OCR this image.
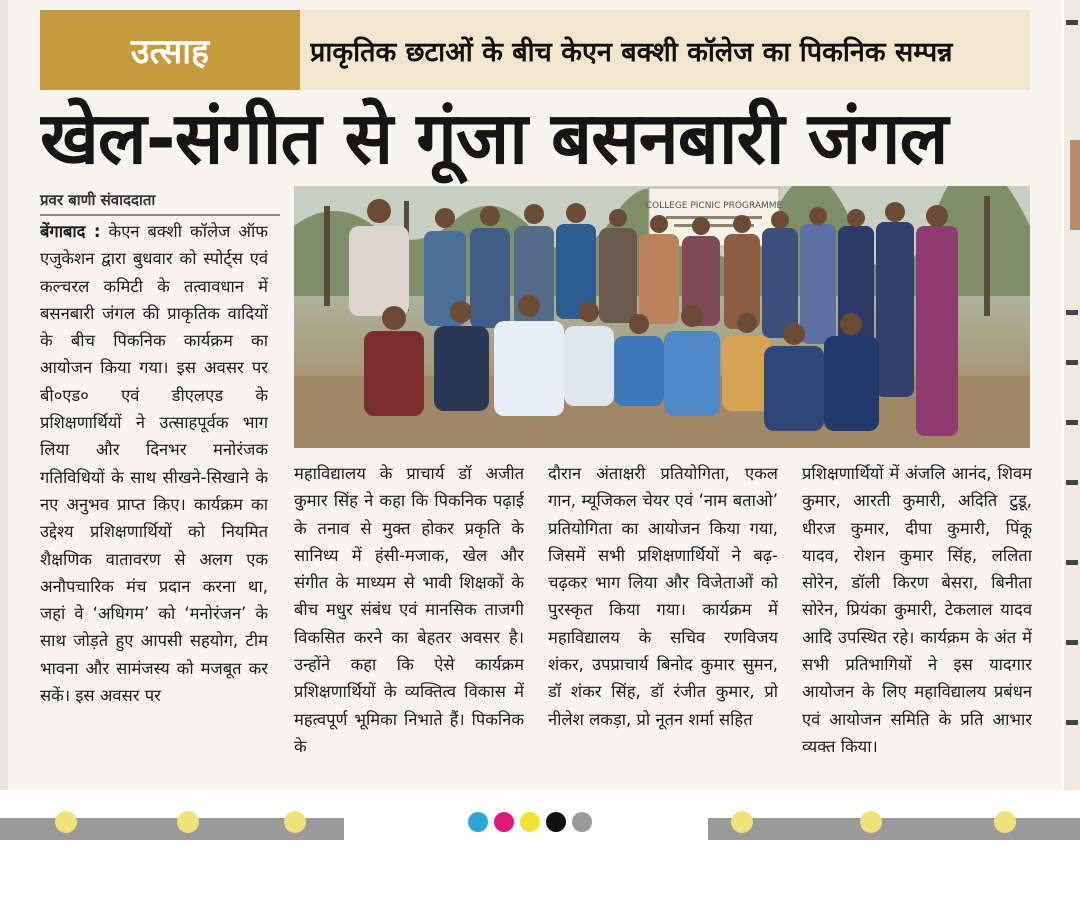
उत्साह	प्राकृतिक छटाओं के बीच केएन बक्शी कॉलेज का पिकनिक सम्पन्न
खेल-संगीत से गूंजा बसनबारी जंगल
प्रवर बाणी संवाददाता
बेंगाबाद : केएन बक्शी कॉलेज ऑफ एजुकेशन द्वारा बुधवार को स्पोर्ट्स एवं कल्चरल कमिटी के तत्वावधान में बसनबारी जंगल की प्राकृतिक वादियों के बीच पिकनिक कार्यक्रम का आयोजन किया गया। इस अवसर पर बी०एड० एवं डीएलएड के प्रशिक्षणार्थियों ने उत्साहपूर्वक भाग लिया और दिनभर मनोरंजक गतिविधियों के साथ सीखने-सिखाने के नए अनुभव प्राप्त किए। कार्यक्रम का उद्देश्य प्रशिक्षणार्थियों को नियमित शैक्षणिक वातावरण से अलग एक अनौपचारिक मंच प्रदान करना था, जहां वे ‘अधिगम’ को ‘मनोरंजन’ के साथ जोड़ते हुए आपसी सहयोग, टीम भावना और सामंजस्य को मजबूत कर सकें। इस अवसर पर
COLLEGE PICNIC PROGRAMME
महाविद्यालय के प्राचार्य डॉ अजीत कुमार सिंह ने कहा कि पिकनिक पढ़ाई के तनाव से मुक्त होकर प्रकृति के सानिध्य में हंसी-मजाक, खेल और संगीत के माध्यम से भावी शिक्षकों के बीच मधुर संबंध एवं मानसिक ताजगी विकसित करने का बेहतर अवसर है। उन्होंने कहा कि ऐसे कार्यक्रम प्रशिक्षणार्थियों के व्यक्तित्व विकास में महत्वपूर्ण भूमिका निभाते हैं। पिकनिक के
दौरान अंताक्षरी प्रतियोगिता, एकल गान, म्यूजिकल चेयर एवं ‘नाम बताओ’ प्रतियोगिता का आयोजन किया गया, जिसमें सभी प्रशिक्षणार्थियों ने बढ़-चढ़कर भाग लिया और विजेताओं को पुरस्कृत किया गया। कार्यक्रम में महाविद्यालय के सचिव रणविजय शंकर, उपप्राचार्य बिनोद कुमार सुमन, डॉ शंकर सिंह, डॉ रंजीत कुमार, प्रो नीलेश लकड़ा, प्रो नूतन शर्मा सहित
प्रशिक्षणार्थियों में अंजलि आनंद, शिवम कुमार, आरती कुमारी, अदिति टुडू, धीरज कुमार, दीपा कुमारी, पिंकू यादव, रोशन कुमार सिंह, ललिता सोरेन, डॉली किरण बेसरा, बिनीता सोरेन, प्रियंका कुमारी, टेकलाल यादव आदि उपस्थित रहे। कार्यक्रम के अंत में सभी प्रतिभागियों ने इस यादगार आयोजन के लिए महाविद्यालय प्रबंधन एवं आयोजन समिति के प्रति आभार व्यक्त किया।
